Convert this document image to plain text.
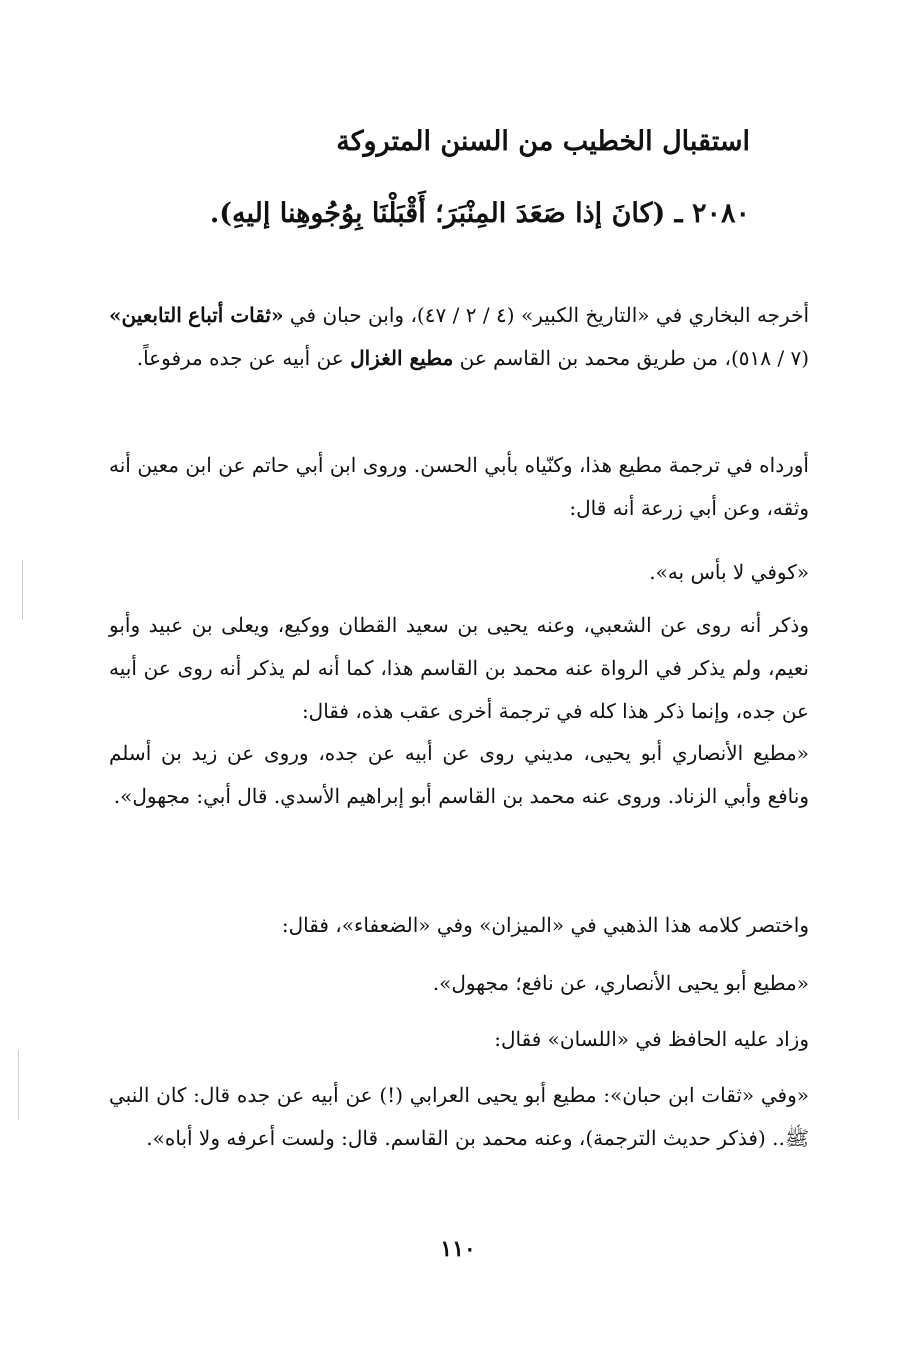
استقبال الخطيب من السنن المتروكة
٢٠٨٠ ـ (كانَ إذا صَعَدَ المِنْبَرَ؛ أَقْبَلْنَا بِوُجُوهِنا إليهِ).
أخرجه البخاري في «التاريخ الكبير» (٤ / ٢ / ٤٧)، وابن حبان في «ثقات أتباع التابعين» (٧ / ٥١٨)، من طريق محمد بن القاسم عن مطيع الغزال عن أبيه عن جده مرفوعاً.
أورداه في ترجمة مطيع هذا، وكنّياه بأبي الحسن. وروى ابن أبي حاتم عن ابن معين أنه وثقه، وعن أبي زرعة أنه قال:
«كوفي لا بأس به».
وذكر أنه روى عن الشعبي، وعنه يحيى بن سعيد القطان ووكيع، ويعلى بن عبيد وأبو نعيم، ولم يذكر في الرواة عنه محمد بن القاسم هذا، كما أنه لم يذكر أنه روى عن أبيه عن جده، وإنما ذكر هذا كله في ترجمة أخرى عقب هذه، فقال:
«مطيع الأنصاري أبو يحيى، مديني روى عن أبيه عن جده، وروى عن زيد بن أسلم ونافع وأبي الزناد. وروى عنه محمد بن القاسم أبو إبراهيم الأسدي. قال أبي: مجهول».
واختصر كلامه هذا الذهبي في «الميزان» وفي «الضعفاء»، فقال:
«مطيع أبو يحيى الأنصاري، عن نافع؛ مجهول».
وزاد عليه الحافظ في «اللسان» فقال:
«وفي «ثقات ابن حبان»: مطيع أبو يحيى العرابي (!) عن أبيه عن جده قال: كان النبي ﷺ.. (فذكر حديث الترجمة)، وعنه محمد بن القاسم. قال: ولست أعرفه ولا أباه».
١١٠
